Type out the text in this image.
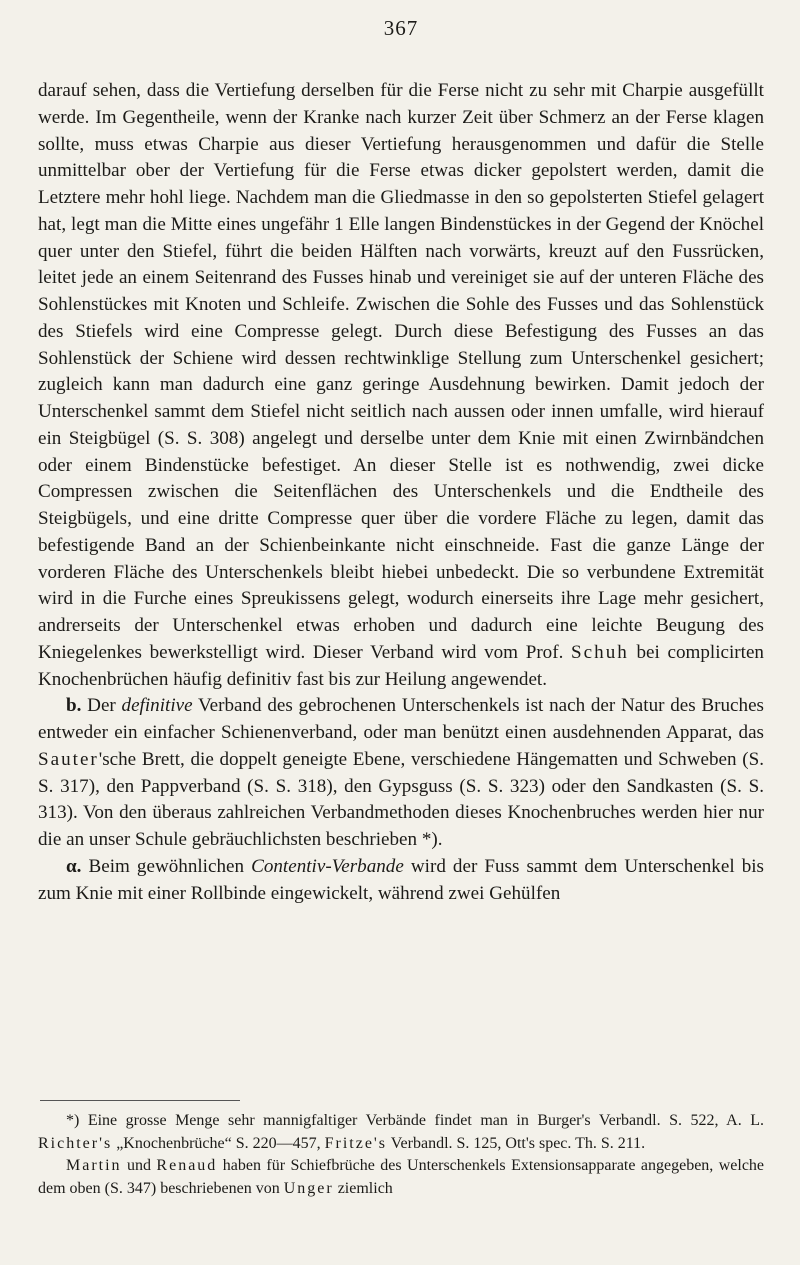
367

darauf sehen, dass die Vertiefung derselben für die Ferse nicht zu sehr mit Charpie ausgefüllt werde. Im Gegentheile, wenn der Kranke nach kurzer Zeit über Schmerz an der Ferse klagen sollte, muss etwas Charpie aus dieser Vertiefung herausgenommen und dafür die Stelle unmittelbar ober der Vertiefung für die Ferse etwas dicker gepolstert werden, damit die Letztere mehr hohl liege. Nachdem man die Gliedmasse in den so gepolsterten Stiefel gelagert hat, legt man die Mitte eines ungefähr 1 Elle langen Bindenstückes in der Gegend der Knöchel quer unter den Stiefel, führt die beiden Hälften nach vorwärts, kreuzt auf den Fussrücken, leitet jede an einem Seitenrand des Fusses hinab und vereiniget sie auf der unteren Fläche des Sohlenstückes mit Knoten und Schleife. Zwischen die Sohle des Fusses und das Sohlenstück des Stiefels wird eine Compresse gelegt. Durch diese Befestigung des Fusses an das Sohlenstück der Schiene wird dessen rechtwinklige Stellung zum Unterschenkel gesichert; zugleich kann man dadurch eine ganz geringe Ausdehnung bewirken. Damit jedoch der Unterschenkel sammt dem Stiefel nicht seitlich nach aussen oder innen umfalle, wird hierauf ein Steigbügel (S. S. 308) angelegt und derselbe unter dem Knie mit einen Zwirnbändchen oder einem Bindenstücke befestiget. An dieser Stelle ist es nothwendig, zwei dicke Compressen zwischen die Seitenflächen des Unterschenkels und die Endtheile des Steigbügels, und eine dritte Compresse quer über die vordere Fläche zu legen, damit das befestigende Band an der Schienbeinkante nicht einschneide. Fast die ganze Länge der vorderen Fläche des Unterschenkels bleibt hiebei unbedeckt. Die so verbundene Extremität wird in die Furche eines Spreukissens gelegt, wodurch einerseits ihre Lage mehr gesichert, andrerseits der Unterschenkel etwas erhoben und dadurch eine leichte Beugung des Kniegelenkes bewerkstelligt wird. Dieser Verband wird vom Prof. Schuh bei complicirten Knochenbrüchen häufig definitiv fast bis zur Heilung angewendet.

b. Der definitive Verband des gebrochenen Unterschenkels ist nach der Natur des Bruches entweder ein einfacher Schienenverband, oder man benützt einen ausdehnenden Apparat, das Sauter'sche Brett, die doppelt geneigte Ebene, verschiedene Hängematten und Schweben (S. S. 317), den Pappverband (S. S. 318), den Gypsguss (S. S. 323) oder den Sandkasten (S. S. 313). Von den überaus zahlreichen Verbandmethoden dieses Knochenbruches werden hier nur die an unser Schule gebräuchlichsten beschrieben *).

α. Beim gewöhnlichen Contentiv-Verbande wird der Fuss sammt dem Unterschenkel bis zum Knie mit einer Rollbinde eingewickelt, während zwei Gehülfen

*) Eine grosse Menge sehr mannigfaltiger Verbände findet man in Burger's Verbandl. S. 522, A. L. Richter's „Knochenbrüche“ S. 220—457, Fritze's Verbandl. S. 125, Ott's spec. Th. S. 211.

Martin und Renaud haben für Schiefbrüche des Unterschenkels Extensionsapparate angegeben, welche dem oben (S. 347) beschriebenen von Unger ziemlich
